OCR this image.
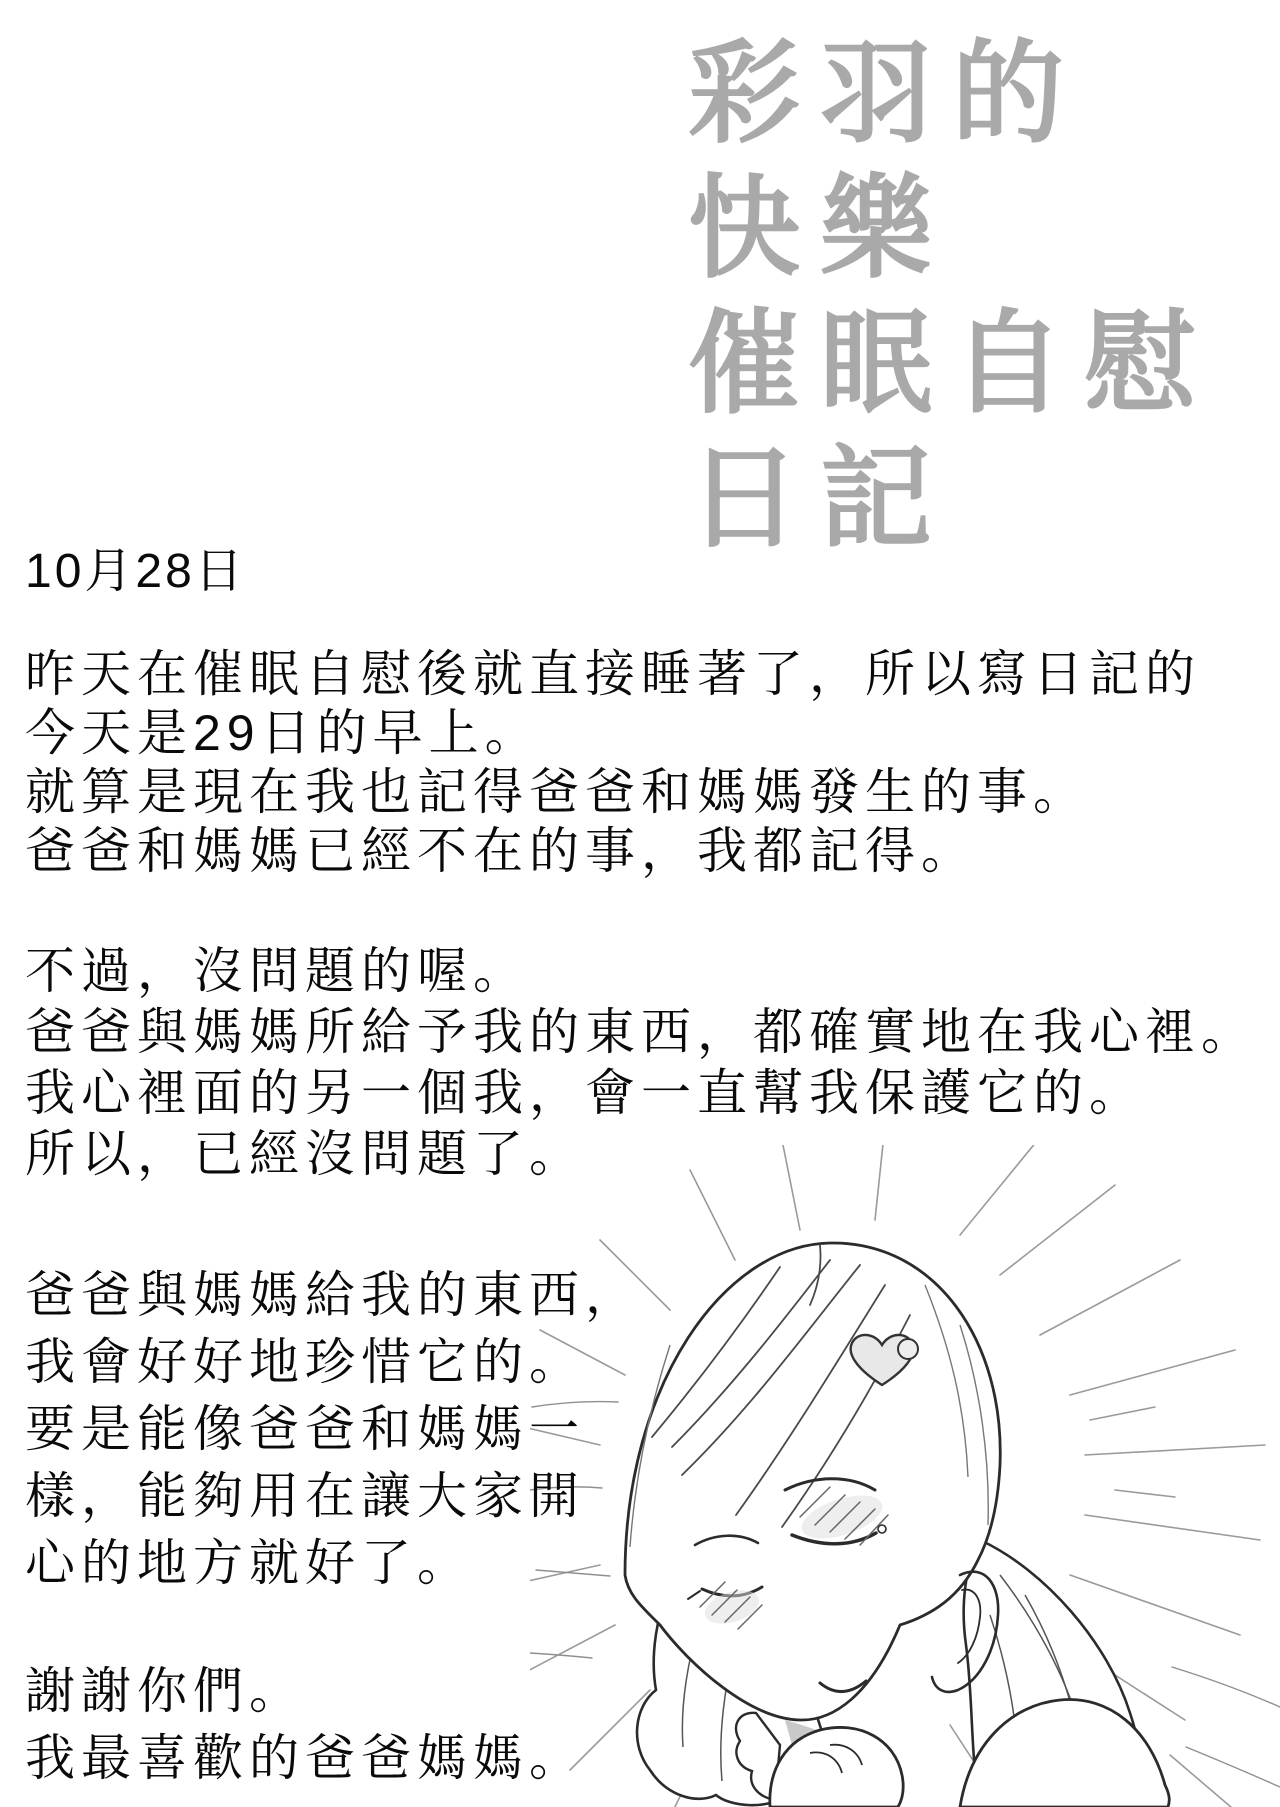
彩羽的
快樂
催眠自慰
日記
10月28日
昨天在催眠自慰後就直接睡著了，所以寫日記的
今天是29日的早上。
就算是現在我也記得爸爸和媽媽發生的事。
爸爸和媽媽已經不在的事，我都記得。
不過，沒問題的喔。
爸爸與媽媽所給予我的東西，都確實地在我心裡。
我心裡面的另一個我，會一直幫我保護它的。
所以，已經沒問題了。
爸爸與媽媽給我的東西，
我會好好地珍惜它的。
要是能像爸爸和媽媽一
樣，能夠用在讓大家開
心的地方就好了。
謝謝你們。
我最喜歡的爸爸媽媽。
